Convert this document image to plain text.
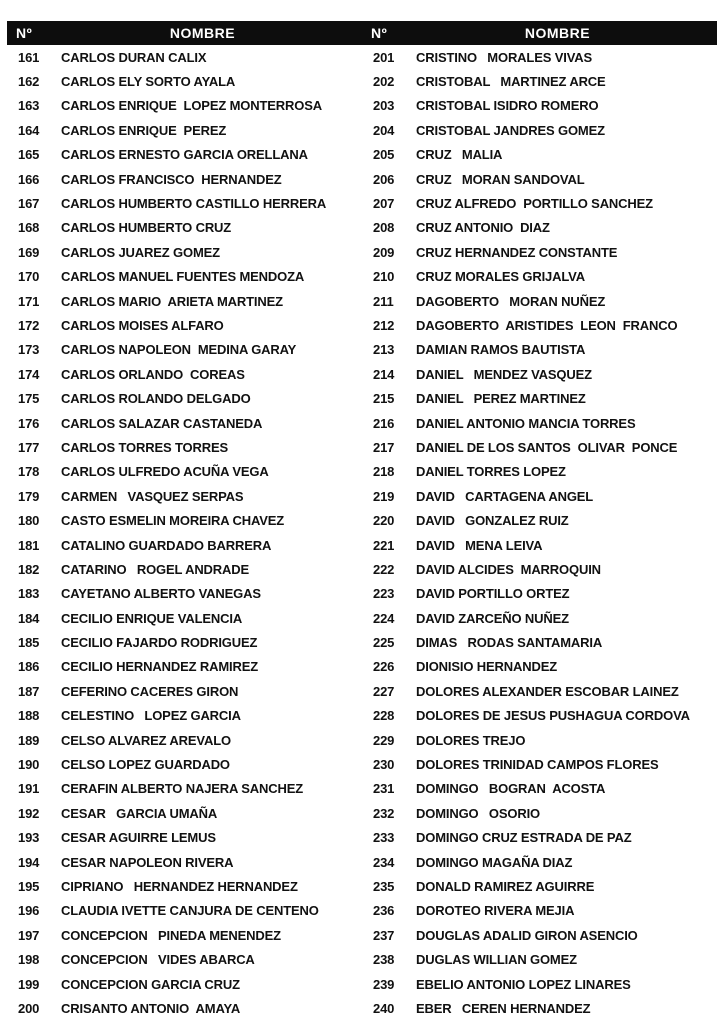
Nº	NOMBRE
161	CARLOS DURAN CALIX
162	CARLOS ELY SORTO AYALA
163	CARLOS ENRIQUE  LOPEZ MONTERROSA
164	CARLOS ENRIQUE  PEREZ
165	CARLOS ERNESTO GARCIA ORELLANA
166	CARLOS FRANCISCO  HERNANDEZ
167	CARLOS HUMBERTO CASTILLO HERRERA
168	CARLOS HUMBERTO CRUZ
169	CARLOS JUAREZ GOMEZ
170	CARLOS MANUEL FUENTES MENDOZA
171	CARLOS MARIO  ARIETA MARTINEZ
172	CARLOS MOISES ALFARO
173	CARLOS NAPOLEON  MEDINA GARAY
174	CARLOS ORLANDO  COREAS
175	CARLOS ROLANDO DELGADO
176	CARLOS SALAZAR CASTANEDA
177	CARLOS TORRES TORRES
178	CARLOS ULFREDO ACUÑA VEGA
179	CARMEN   VASQUEZ SERPAS
180	CASTO ESMELIN MOREIRA CHAVEZ
181	CATALINO GUARDADO BARRERA
182	CATARINO   ROGEL ANDRADE
183	CAYETANO ALBERTO VANEGAS
184	CECILIO ENRIQUE VALENCIA
185	CECILIO FAJARDO RODRIGUEZ
186	CECILIO HERNANDEZ RAMIREZ
187	CEFERINO CACERES GIRON
188	CELESTINO   LOPEZ GARCIA
189	CELSO ALVAREZ AREVALO
190	CELSO LOPEZ GUARDADO
191	CERAFIN ALBERTO NAJERA SANCHEZ
192	CESAR   GARCIA UMAÑA
193	CESAR AGUIRRE LEMUS
194	CESAR NAPOLEON RIVERA
195	CIPRIANO   HERNANDEZ HERNANDEZ
196	CLAUDIA IVETTE CANJURA DE CENTENO
197	CONCEPCION   PINEDA MENENDEZ
198	CONCEPCION   VIDES ABARCA
199	CONCEPCION GARCIA CRUZ
200	CRISANTO ANTONIO  AMAYA
Nº	NOMBRE
201	CRISTINO   MORALES VIVAS
202	CRISTOBAL   MARTINEZ ARCE
203	CRISTOBAL ISIDRO ROMERO
204	CRISTOBAL JANDRES GOMEZ
205	CRUZ   MALIA
206	CRUZ   MORAN SANDOVAL
207	CRUZ ALFREDO  PORTILLO SANCHEZ
208	CRUZ ANTONIO  DIAZ
209	CRUZ HERNANDEZ CONSTANTE
210	CRUZ MORALES GRIJALVA
211	DAGOBERTO   MORAN NUÑEZ
212	DAGOBERTO  ARISTIDES  LEON  FRANCO
213	DAMIAN RAMOS BAUTISTA
214	DANIEL   MENDEZ VASQUEZ
215	DANIEL   PEREZ MARTINEZ
216	DANIEL ANTONIO MANCIA TORRES
217	DANIEL DE LOS SANTOS  OLIVAR  PONCE
218	DANIEL TORRES LOPEZ
219	DAVID   CARTAGENA ANGEL
220	DAVID   GONZALEZ RUIZ
221	DAVID   MENA LEIVA
222	DAVID ALCIDES  MARROQUIN
223	DAVID PORTILLO ORTEZ
224	DAVID ZARCEÑO NUÑEZ
225	DIMAS   RODAS SANTAMARIA
226	DIONISIO HERNANDEZ
227	DOLORES ALEXANDER ESCOBAR LAINEZ
228	DOLORES DE JESUS PUSHAGUA CORDOVA
229	DOLORES TREJO
230	DOLORES TRINIDAD CAMPOS FLORES
231	DOMINGO   BOGRAN  ACOSTA
232	DOMINGO   OSORIO
233	DOMINGO CRUZ ESTRADA DE PAZ
234	DOMINGO MAGAÑA DIAZ
235	DONALD RAMIREZ AGUIRRE
236	DOROTEO RIVERA MEJIA
237	DOUGLAS ADALID GIRON ASENCIO
238	DUGLAS WILLIAN GOMEZ
239	EBELIO ANTONIO LOPEZ LINARES
240	EBER   CEREN HERNANDEZ
